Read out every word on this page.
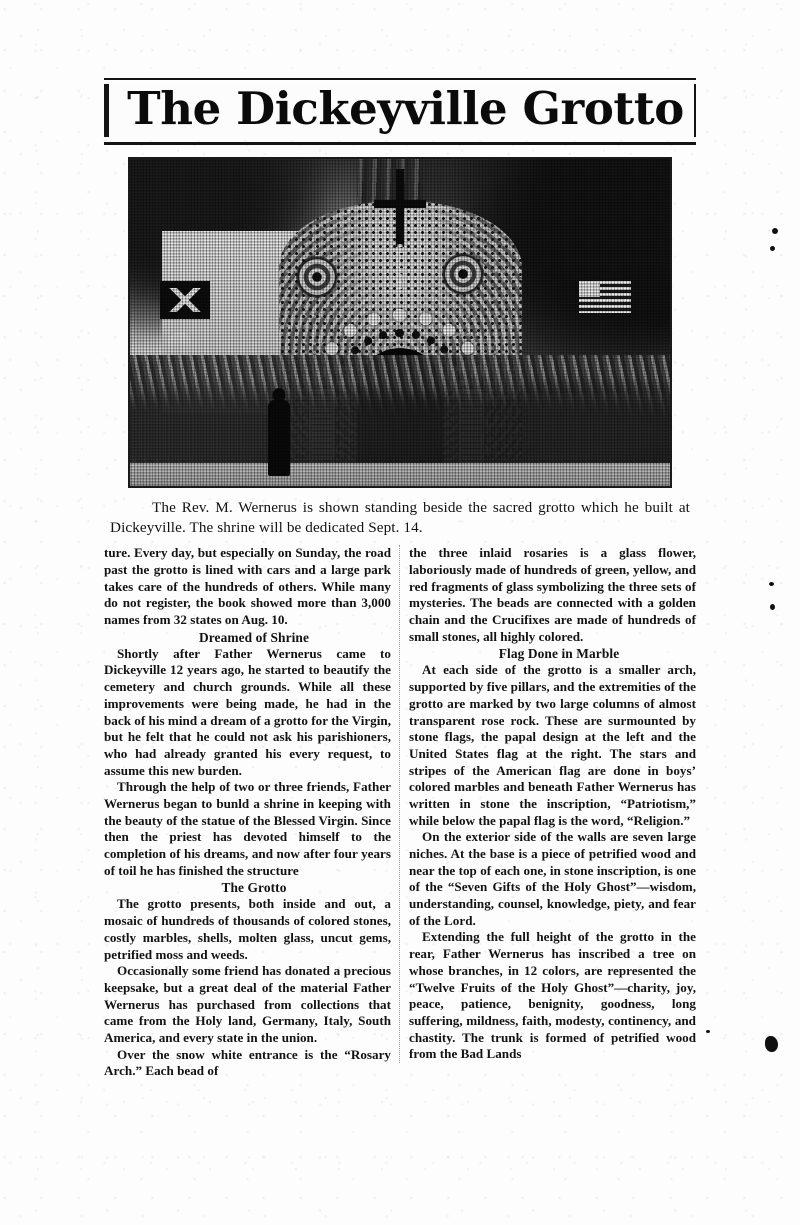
The Dickeyville Grotto
The Rev. M. Wernerus is shown standing beside the sacred grotto which he built at Dickeyville. The shrine will be dedicated Sept. 14.

ture. Every day, but especially on Sunday, the road past the grotto is lined with cars and a large park takes care of the hundreds of others. While many do not register, the book showed more than 3,000 names from 32 states on Aug. 10.

Dreamed of Shrine

Shortly after Father Wernerus came to Dickeyville 12 years ago, he started to beautify the cemetery and church grounds. While all these improvements were being made, he had in the back of his mind a dream of a grotto for the Virgin, but he felt that he could not ask his parishioners, who had already granted his every request, to assume this new burden.

Through the help of two or three friends, Father Wernerus began to bunld a shrine in keeping with the beauty of the statue of the Blessed Virgin. Since then the priest has devoted himself to the completion of his dreams, and now after four years of toil he has finished the structure

The Grotto

The grotto presents, both inside and out, a mosaic of hundreds of thousands of colored stones, costly marbles, shells, molten glass, uncut gems, petrified moss and weeds.

Occasionally some friend has donated a precious keepsake, but a great deal of the material Father Wernerus has purchased from collections that came from the Holy land, Germany, Italy, South America, and every state in the union.

Over the snow white entrance is the “Rosary Arch.” Each bead of

the three inlaid rosaries is a glass flower, laboriously made of hundreds of green, yellow, and red fragments of glass symbolizing the three sets of mysteries. The beads are connected with a golden chain and the Crucifixes are made of hundreds of small stones, all highly colored.

Flag Done in Marble

At each side of the grotto is a smaller arch, supported by five pillars, and the extremities of the grotto are marked by two large columns of almost transparent rose rock. These are surmounted by stone flags, the papal design at the left and the United States flag at the right. The stars and stripes of the American flag are done in boys’ colored marbles and beneath Father Wernerus has written in stone the inscription, “Patriotism,” while below the papal flag is the word, “Religion.”

On the exterior side of the walls are seven large niches. At the base is a piece of petrified wood and near the top of each one, in stone inscription, is one of the “Seven Gifts of the Holy Ghost”—wisdom, understanding, counsel, knowledge, piety, and fear of the Lord.

Extending the full height of the grotto in the rear, Father Wernerus has inscribed a tree on whose branches, in 12 colors, are represented the “Twelve Fruits of the Holy Ghost”—charity, joy, peace, patience, benignity, goodness, long suffering, mildness, faith, modesty, continency, and chastity. The trunk is formed of petrified wood from the Bad Lands
